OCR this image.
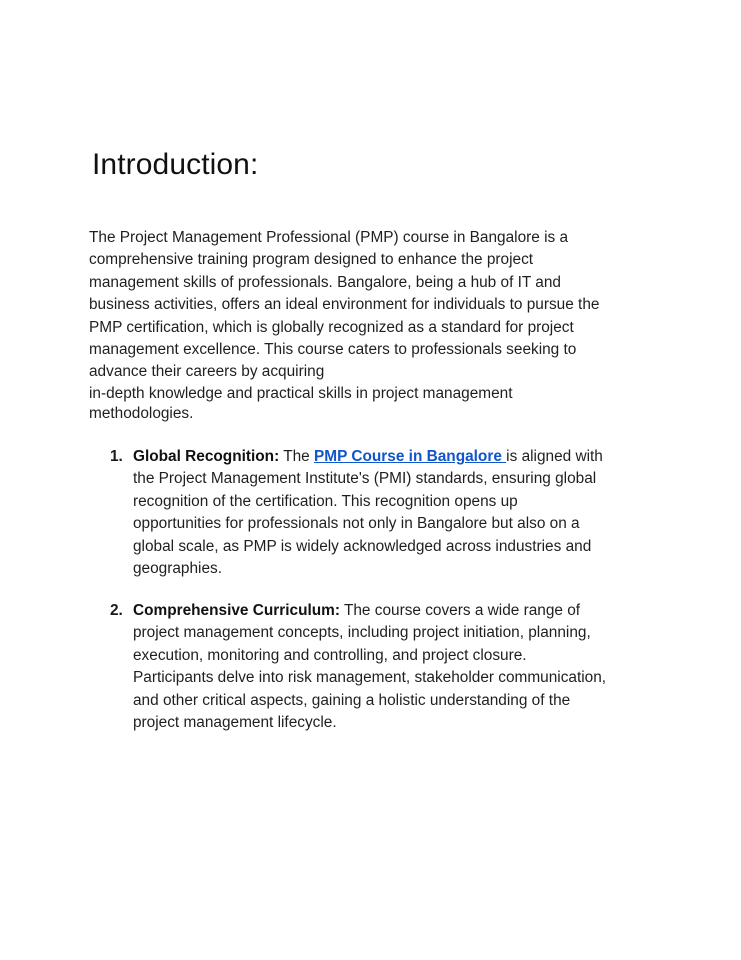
Introduction:
The Project Management Professional (PMP) course in Bangalore is a
comprehensive training program designed to enhance the project
management skills of professionals. Bangalore, being a hub of IT and
business activities, offers an ideal environment for individuals to pursue the
PMP certification, which is globally recognized as a standard for project
management excellence. This course caters to professionals seeking to
advance their careers by acquiring
in-depth knowledge and practical skills in project management
methodologies.
1. Global Recognition: The PMP Course in Bangalore is aligned with
the Project Management Institute's (PMI) standards, ensuring global
recognition of the certification. This recognition opens up
opportunities for professionals not only in Bangalore but also on a
global scale, as PMP is widely acknowledged across industries and
geographies.
2. Comprehensive Curriculum: The course covers a wide range of
project management concepts, including project initiation, planning,
execution, monitoring and controlling, and project closure.
Participants delve into risk management, stakeholder communication,
and other critical aspects, gaining a holistic understanding of the
project management lifecycle.
